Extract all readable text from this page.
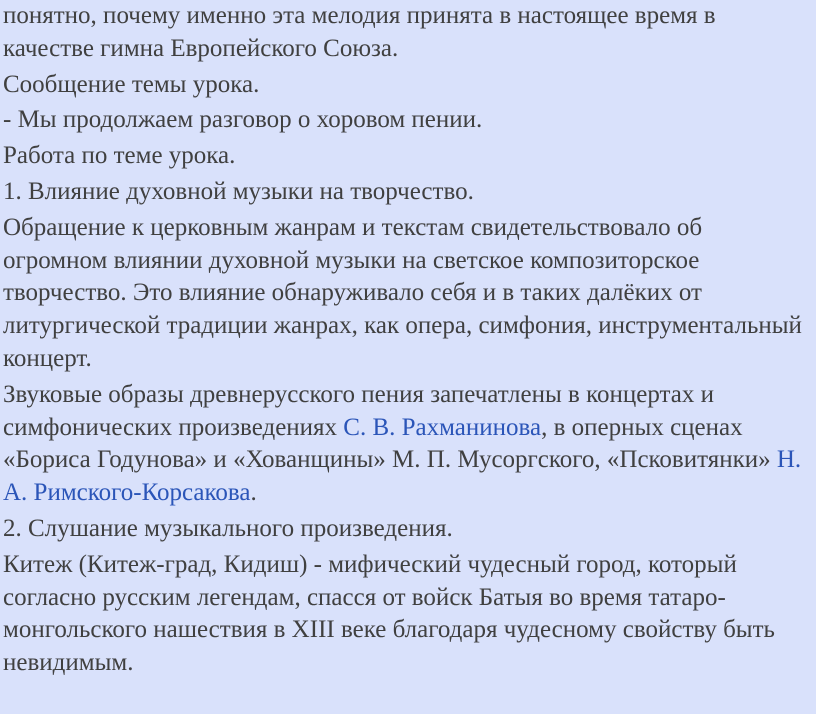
понятно, почему именно эта мелодия принята в настоящее время в качестве гимна Европейского Союза.

Сообщение темы урока.

- Мы продолжаем разговор о хоровом пении.

Работа по теме урока.

1. Влияние духовной музыки на творчество.

Обращение к церковным жанрам и текстам свидетельствовало об огромном влиянии духовной музыки на светское композиторское творчество. Это влияние обнаруживало себя и в таких далёких от литургической традиции жанрах, как опера, симфония, инструментальный концерт.

Звуковые образы древнерусского пения запечатлены в концертах и симфонических произведениях С. В. Рахманинова, в оперных сценах «Бориса Годунова» и «Хованщины» М. П. Мусоргского, «Псковитянки» Н. А. Римского-Корсакова.

2. Слушание музыкального произведения.

Китеж (Китеж-град, Кидиш) - мифический чудесный город, который согласно русским легендам, спасся от войск Батыя во время татаро-монгольского нашествия в XIII веке благодаря чудесному свойству быть невидимым.
